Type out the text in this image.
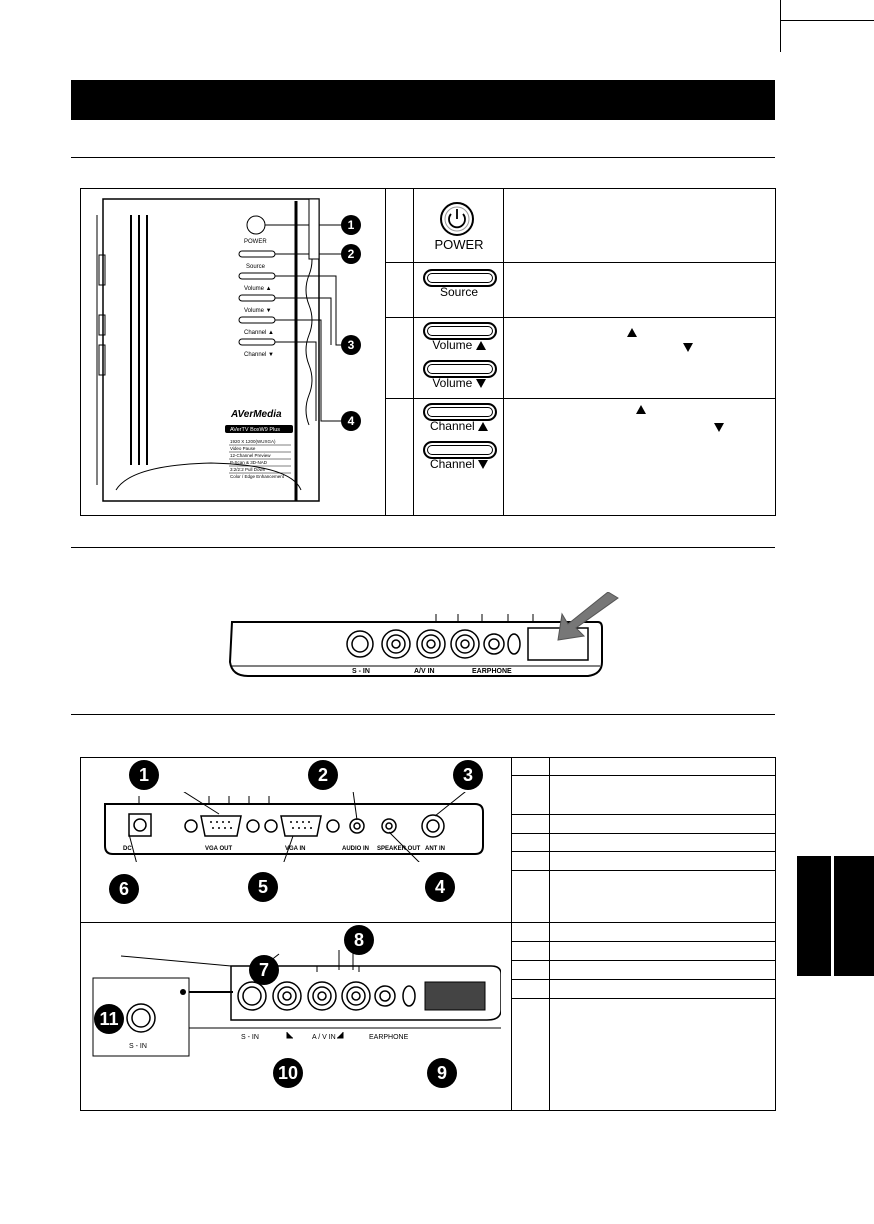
POWER
Source
Volume ▲
Volume ▼
Channel ▲
Channel ▼
AVerMedia
AVerTV BoxW9 Plus
1920 X 1200(WUXGA)
Video Pause
12-Channel Preview
P-Scan & 3D-NAD
3:2/2:2 Pull Down
Color / Edge Enhancement
1
2
3
4
POWER
Source
Volume
Volume
Channel
Channel
S - IN	A/V IN	EARPHONE
DC	VGA OUT	VGA IN	AUDIO IN SPEAKER OUT ANT IN
1	2	3
4
5
6
S - IN	A / V IN	EARPHONE
S - IN
8
7
11
10	9
